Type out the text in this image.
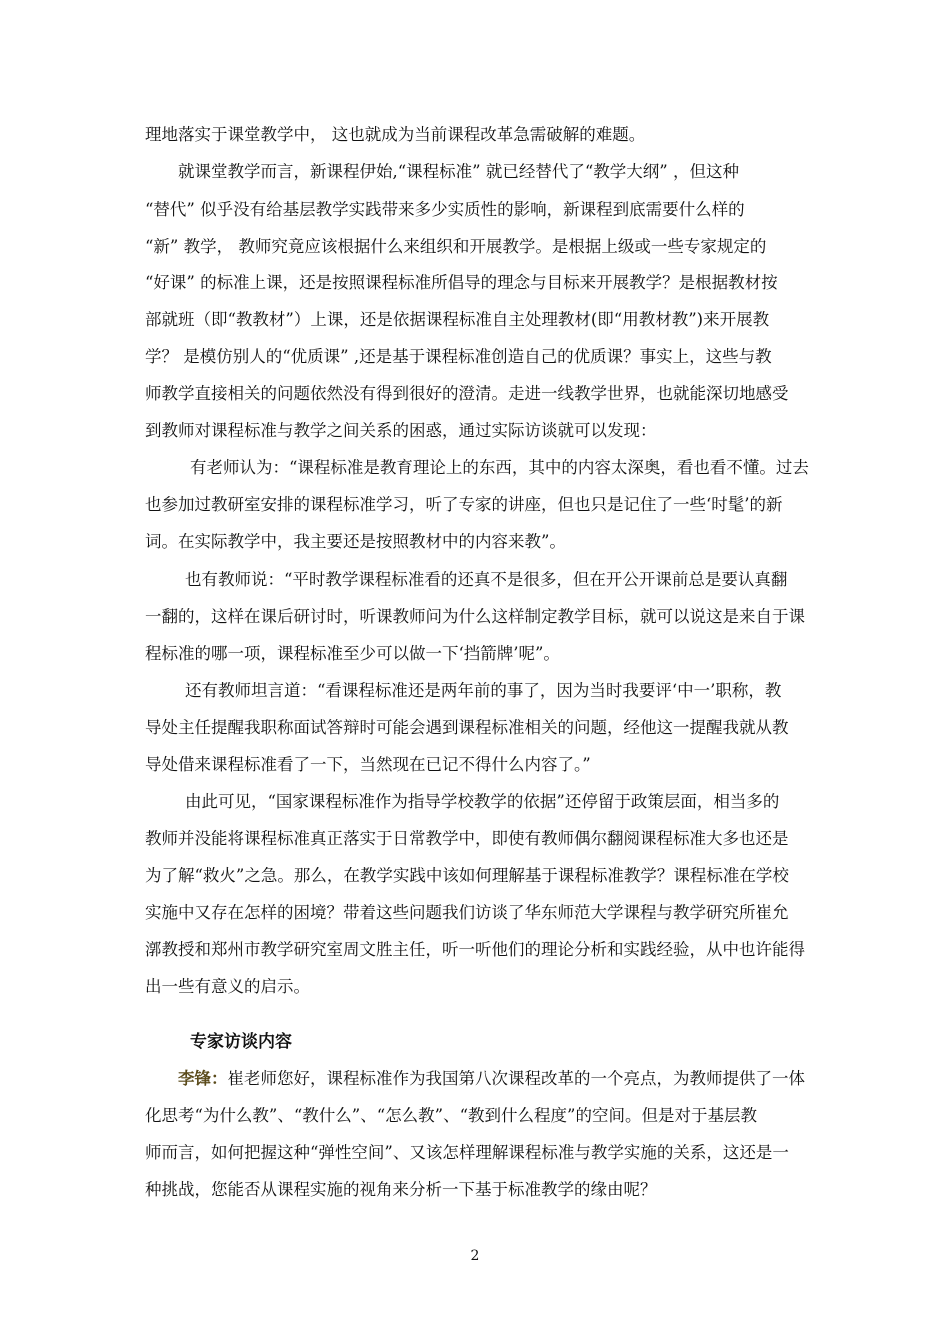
理地落实于课堂教学中， 这也就成为当前课程改革急需破解的难题。
就课堂教学而言，新课程伊始,“课程标准” 就已经替代了“教学大纲” ，但这种
“替代” 似乎没有给基层教学实践带来多少实质性的影响，新课程到底需要什么样的
“新” 教学， 教师究竟应该根据什么来组织和开展教学。是根据上级或一些专家规定的
“好课” 的标准上课，还是按照课程标准所倡导的理念与目标来开展教学？是根据教材按
部就班（即“教教材”）上课，还是依据课程标准自主处理教材(即“用教材教”)来开展教
学？ 是模仿别人的“优质课” ,还是基于课程标准创造自己的优质课？事实上，这些与教
师教学直接相关的问题依然没有得到很好的澄清。走进一线教学世界，也就能深切地感受
到教师对课程标准与教学之间关系的困惑，通过实际访谈就可以发现：
有老师认为：“课程标准是教育理论上的东西，其中的内容太深奥，看也看不懂。过去
也参加过教研室安排的课程标准学习，听了专家的讲座，但也只是记住了一些‘时髦’的新
词。在实际教学中，我主要还是按照教材中的内容来教”。
也有教师说：“平时教学课程标准看的还真不是很多，但在开公开课前总是要认真翻
一翻的，这样在课后研讨时，听课教师问为什么这样制定教学目标，就可以说这是来自于课
程标准的哪一项，课程标准至少可以做一下‘挡箭牌’呢”。
还有教师坦言道：“看课程标准还是两年前的事了，因为当时我要评‘中一’职称，教
导处主任提醒我职称面试答辩时可能会遇到课程标准相关的问题，经他这一提醒我就从教
导处借来课程标准看了一下，当然现在已记不得什么内容了。”
由此可见，“国家课程标准作为指导学校教学的依据”还停留于政策层面，相当多的
教师并没能将课程标准真正落实于日常教学中，即使有教师偶尔翻阅课程标准大多也还是
为了解“救火”之急。那么，在教学实践中该如何理解基于课程标准教学？课程标准在学校
实施中又存在怎样的困境？带着这些问题我们访谈了华东师范大学课程与教学研究所崔允
漷教授和郑州市教学研究室周文胜主任，听一听他们的理论分析和实践经验，从中也许能得
出一些有意义的启示。
专家访谈内容
李锋：崔老师您好，课程标准作为我国第八次课程改革的一个亮点，为教师提供了一体
化思考“为什么教”、“教什么”、“怎么教”、“教到什么程度”的空间。但是对于基层教
师而言，如何把握这种“弹性空间”、又该怎样理解课程标准与教学实施的关系，这还是一
种挑战，您能否从课程实施的视角来分析一下基于标准教学的缘由呢？
2
